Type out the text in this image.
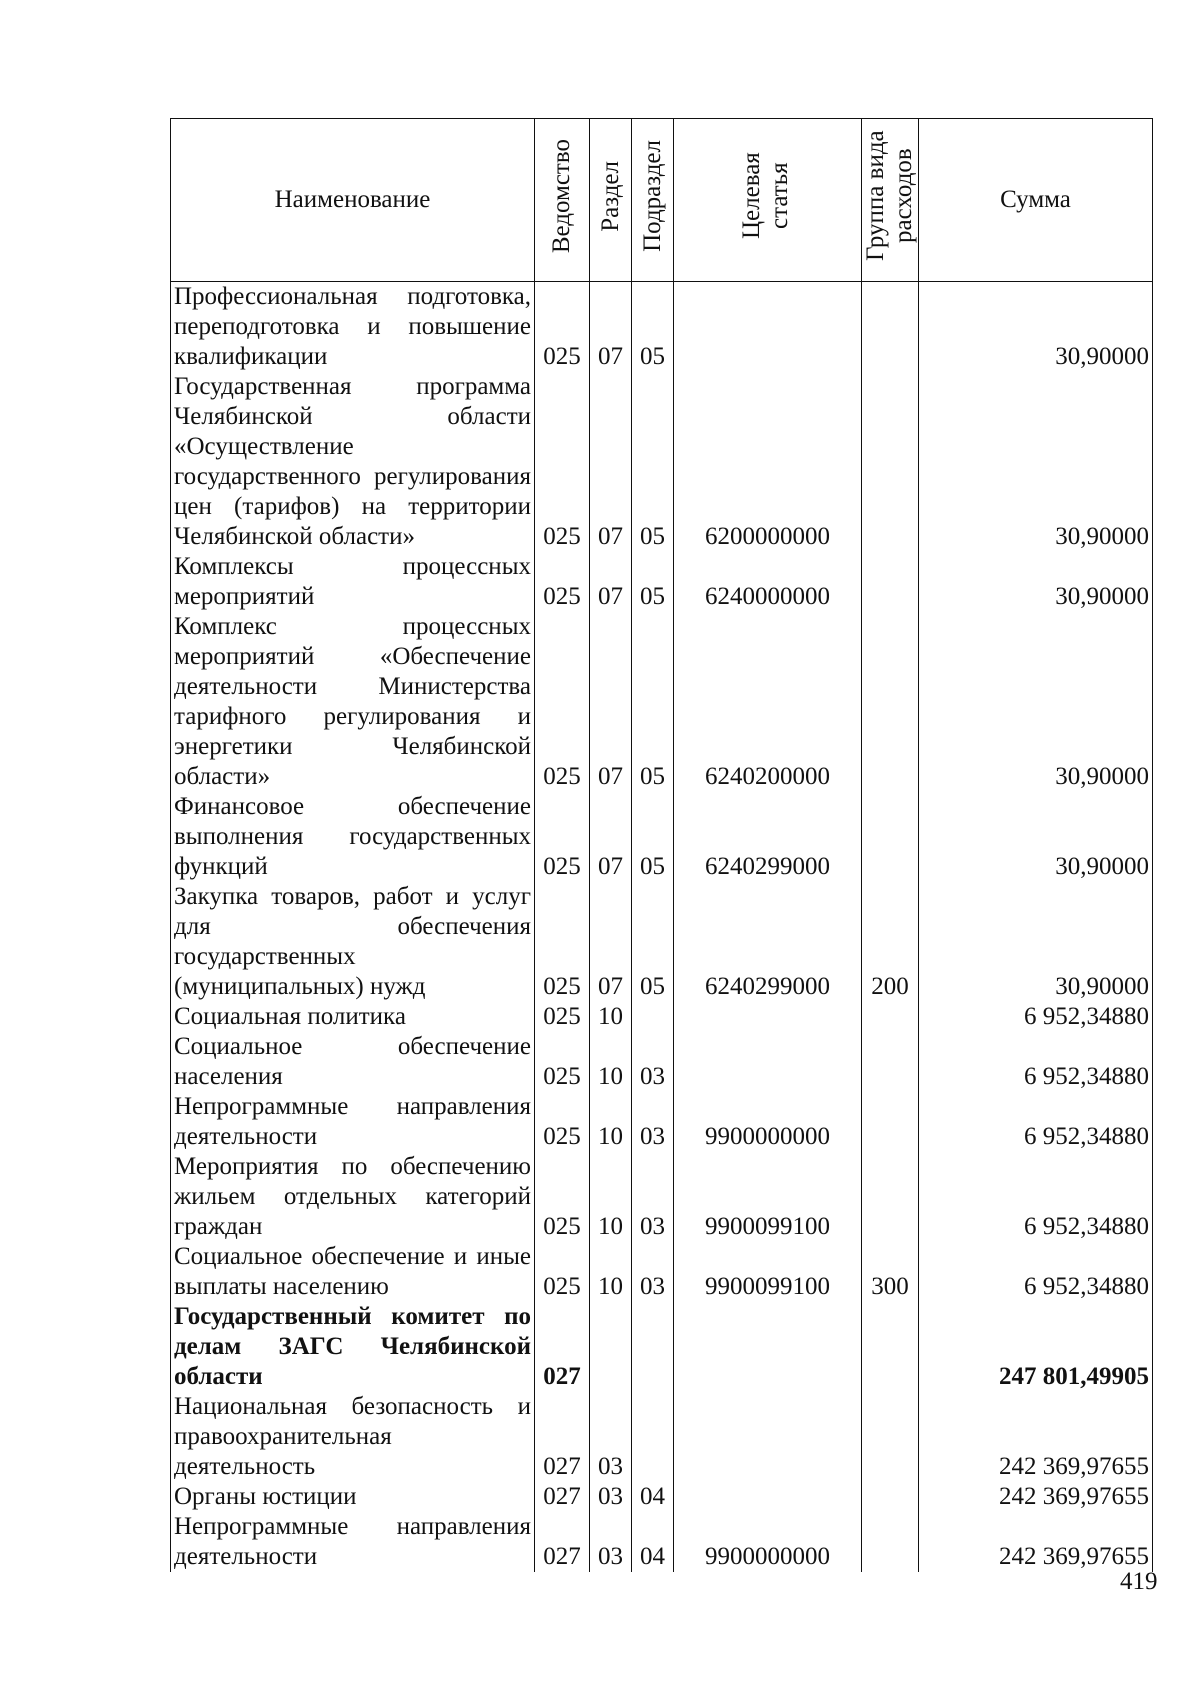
Наименование	Ведомство	Раздел	Подраздел	Целевая статья	Группа вида расходов	Сумма
Профессиональная подготовка, переподготовка и повышение квалификации	025	07	05			30,90000
Государственная программа Челябинской области «Осуществление государственного регулирования цен (тарифов) на территории Челябинской области»	025	07	05	6200000000		30,90000
Комплексы процессных мероприятий	025	07	05	6240000000		30,90000
Комплекс процессных мероприятий «Обеспечение деятельности Министерства тарифного регулирования и энергетики Челябинской области»	025	07	05	6240200000		30,90000
Финансовое обеспечение выполнения государственных функций	025	07	05	6240299000		30,90000
Закупка товаров, работ и услуг для обеспечения государственных (муниципальных) нужд	025	07	05	6240299000	200	30,90000
Социальная политика	025	10				6 952,34880
Социальное обеспечение населения	025	10	03			6 952,34880
Непрограммные направления деятельности	025	10	03	9900000000		6 952,34880
Мероприятия по обеспечению жильем отдельных категорий граждан	025	10	03	9900099100		6 952,34880
Социальное обеспечение и иные выплаты населению	025	10	03	9900099100	300	6 952,34880
Государственный комитет по делам ЗАГС Челябинской области	027					247 801,49905
Национальная безопасность и правоохранительная деятельность	027	03				242 369,97655
Органы юстиции	027	03	04			242 369,97655
Непрограммные направления деятельности	027	03	04	9900000000		242 369,97655
419
